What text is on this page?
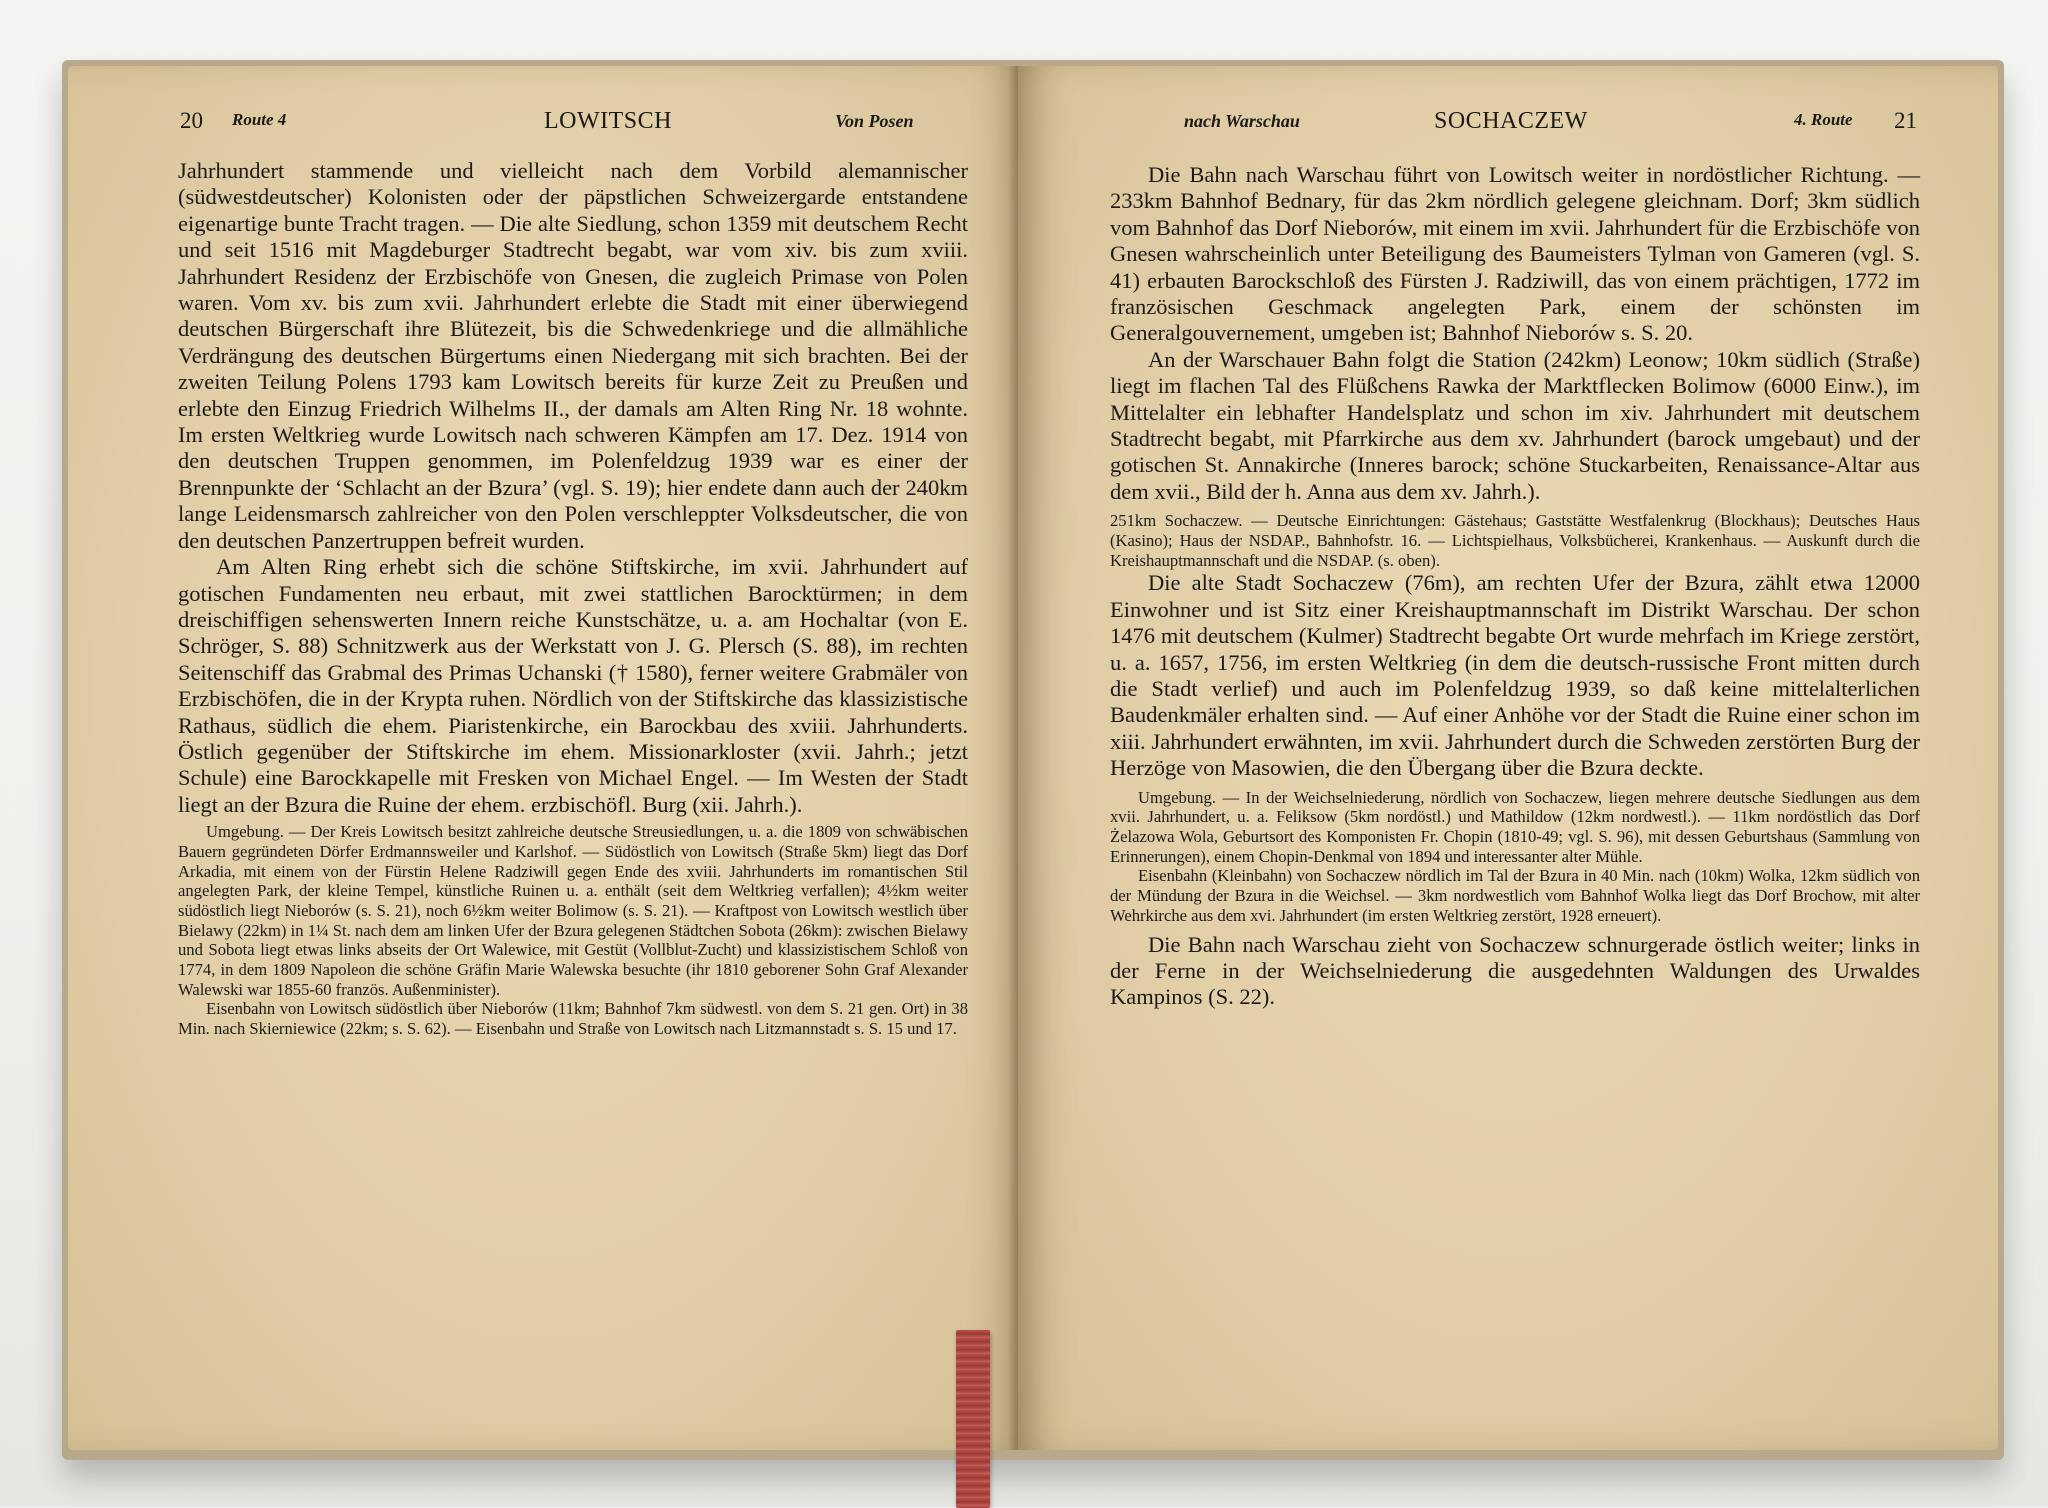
20 Route 4	LOWITSCH	Von Posen

Jahrhundert stammende und vielleicht nach dem Vorbild alemannischer (südwestdeutscher) Kolonisten oder der päpstlichen Schweizergarde entstandene eigenartige bunte Tracht tragen. — Die alte Siedlung, schon 1359 mit deutschem Recht und seit 1516 mit Magdeburger Stadtrecht begabt, war vom xiv. bis zum xviii. Jahrhundert Residenz der Erzbischöfe von Gnesen, die zugleich Primase von Polen waren. Vom xv. bis zum xvii. Jahrhundert erlebte die Stadt mit einer überwiegend deutschen Bürgerschaft ihre Blütezeit, bis die Schwedenkriege und die allmähliche Verdrängung des deutschen Bürgertums einen Niedergang mit sich brachten. Bei der zweiten Teilung Polens 1793 kam Lowitsch bereits für kurze Zeit zu Preußen und erlebte den Einzug Friedrich Wilhelms II., der damals am Alten Ring Nr. 18 wohnte. Im ersten Weltkrieg wurde Lowitsch nach schweren Kämpfen am 17. Dez. 1914 von den deutschen Truppen genommen, im Polenfeldzug 1939 war es einer der Brennpunkte der ‘Schlacht an der Bzura’ (vgl. S. 19); hier endete dann auch der 240km lange Leidensmarsch zahlreicher von den Polen verschleppter Volksdeutscher, die von den deutschen Panzertruppen befreit wurden.

Am Alten Ring erhebt sich die schöne Stiftskirche, im xvii. Jahrhundert auf gotischen Fundamenten neu erbaut, mit zwei stattlichen Barocktürmen; in dem dreischiffigen sehenswerten Innern reiche Kunstschätze, u. a. am Hochaltar (von E. Schröger, S. 88) Schnitzwerk aus der Werkstatt von J. G. Plersch (S. 88), im rechten Seitenschiff das Grabmal des Primas Uchanski († 1580), ferner weitere Grabmäler von Erzbischöfen, die in der Krypta ruhen. Nördlich von der Stiftskirche das klassizistische Rathaus, südlich die ehem. Piaristenkirche, ein Barockbau des xviii. Jahrhunderts. Östlich gegenüber der Stiftskirche im ehem. Missionarkloster (xvii. Jahrh.; jetzt Schule) eine Barockkapelle mit Fresken von Michael Engel. — Im Westen der Stadt liegt an der Bzura die Ruine der ehem. erzbischöfl. Burg (xii. Jahrh.).

Umgebung. — Der Kreis Lowitsch besitzt zahlreiche deutsche Streusiedlungen, u. a. die 1809 von schwäbischen Bauern gegründeten Dörfer Erdmannsweiler und Karlshof. — Südöstlich von Lowitsch (Straße 5km) liegt das Dorf Arkadia, mit einem von der Fürstin Helene Radziwill gegen Ende des xviii. Jahrhunderts im romantischen Stil angelegten Park, der kleine Tempel, künstliche Ruinen u. a. enthält (seit dem Weltkrieg verfallen); 4½km weiter südöstlich liegt Nieborów (s. S. 21), noch 6½km weiter Bolimow (s. S. 21). — Kraftpost von Lowitsch westlich über Bielawy (22km) in 1¼ St. nach dem am linken Ufer der Bzura gelegenen Städtchen Sobota (26km): zwischen Bielawy und Sobota liegt etwas links abseits der Ort Walewice, mit Gestüt (Vollblut-Zucht) und klassizistischem Schloß von 1774, in dem 1809 Napoleon die schöne Gräfin Marie Walewska besuchte (ihr 1810 geborener Sohn Graf Alexander Walewski war 1855-60 französ. Außenminister).

Eisenbahn von Lowitsch südöstlich über Nieborów (11km; Bahnhof 7km südwestl. von dem S. 21 gen. Ort) in 38 Min. nach Skierniewice (22km; s. S. 62). — Eisenbahn und Straße von Lowitsch nach Litzmannstadt s. S. 15 und 17.

nach Warschau	SOCHACZEW	4. Route 21

Die Bahn nach Warschau führt von Lowitsch weiter in nordöstlicher Richtung. — 233km Bahnhof Bednary, für das 2km nördlich gelegene gleichnam. Dorf; 3km südlich vom Bahnhof das Dorf Nieborów, mit einem im xvii. Jahrhundert für die Erzbischöfe von Gnesen wahrscheinlich unter Beteiligung des Baumeisters Tylman von Gameren (vgl. S. 41) erbauten Barockschloß des Fürsten J. Radziwill, das von einem prächtigen, 1772 im französischen Geschmack angelegten Park, einem der schönsten im Generalgouvernement, umgeben ist; Bahnhof Nieborów s. S. 20.

An der Warschauer Bahn folgt die Station (242km) Leonow; 10km südlich (Straße) liegt im flachen Tal des Flüßchens Rawka der Marktflecken Bolimow (6000 Einw.), im Mittelalter ein lebhafter Handelsplatz und schon im xiv. Jahrhundert mit deutschem Stadtrecht begabt, mit Pfarrkirche aus dem xv. Jahrhundert (barock umgebaut) und der gotischen St. Annakirche (Inneres barock; schöne Stuckarbeiten, Renaissance-Altar aus dem xvii., Bild der h. Anna aus dem xv. Jahrh.).

251km Sochaczew. — Deutsche Einrichtungen: Gästehaus; Gaststätte Westfalenkrug (Blockhaus); Deutsches Haus (Kasino); Haus der NSDAP., Bahnhofstr. 16. — Lichtspielhaus, Volksbücherei, Krankenhaus. — Auskunft durch die Kreishauptmannschaft und die NSDAP. (s. oben).

Die alte Stadt Sochaczew (76m), am rechten Ufer der Bzura, zählt etwa 12000 Einwohner und ist Sitz einer Kreishauptmannschaft im Distrikt Warschau. Der schon 1476 mit deutschem (Kulmer) Stadtrecht begabte Ort wurde mehrfach im Kriege zerstört, u. a. 1657, 1756, im ersten Weltkrieg (in dem die deutsch-russische Front mitten durch die Stadt verlief) und auch im Polenfeldzug 1939, so daß keine mittelalterlichen Baudenkmäler erhalten sind. — Auf einer Anhöhe vor der Stadt die Ruine einer schon im xiii. Jahrhundert erwähnten, im xvii. Jahrhundert durch die Schweden zerstörten Burg der Herzöge von Masowien, die den Übergang über die Bzura deckte.

Umgebung. — In der Weichselniederung, nördlich von Sochaczew, liegen mehrere deutsche Siedlungen aus dem xvii. Jahrhundert, u. a. Feliksow (5km nordöstl.) und Mathildow (12km nordwestl.). — 11km nordöstlich das Dorf Żelazowa Wola, Geburtsort des Komponisten Fr. Chopin (1810-49; vgl. S. 96), mit dessen Geburtshaus (Sammlung von Erinnerungen), einem Chopin-Denkmal von 1894 und interessanter alter Mühle.

Eisenbahn (Kleinbahn) von Sochaczew nördlich im Tal der Bzura in 40 Min. nach (10km) Wolka, 12km südlich von der Mündung der Bzura in die Weichsel. — 3km nordwestlich vom Bahnhof Wolka liegt das Dorf Brochow, mit alter Wehrkirche aus dem xvi. Jahrhundert (im ersten Weltkrieg zerstört, 1928 erneuert).

Die Bahn nach Warschau zieht von Sochaczew schnurgerade östlich weiter; links in der Ferne in der Weichselniederung die ausgedehnten Waldungen des Urwaldes Kampinos (S. 22).
